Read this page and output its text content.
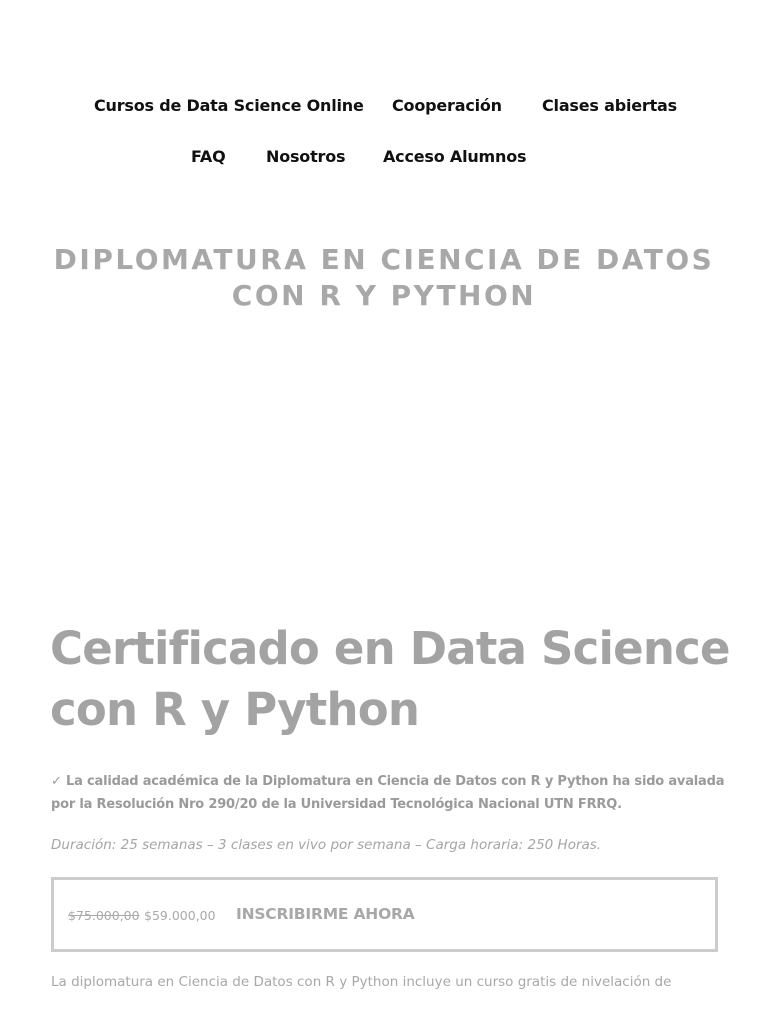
Cursos de Data Science Online Cooperación	Clases abiertas
FAQ	Nosotros Acceso Alumnos
DIPLOMATURA EN CIENCIA DE DATOS
CON R Y PYTHON
Certificado en Data Science
con R y Python

✓ La calidad académica de la Diplomatura en Ciencia de Datos con R y Python ha sido avalada
por la Resolución Nro 290/20 de la Universidad Tecnológica Nacional UTN FRRQ.

Duración: 25 semanas – 3 clases en vivo por semana – Carga horaria: 250 Horas.

$75.000,00 $59.000,00 INSCRIBIRME AHORA

La diplomatura en Ciencia de Datos con R y Python incluye un curso gratis de nivelación de
